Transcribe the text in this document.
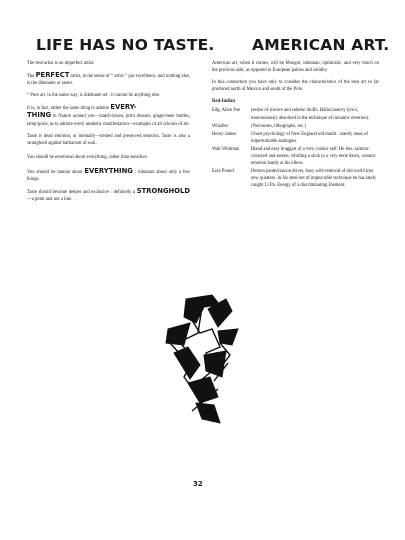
LIFE HAS NO TASTE.

The best artist is an imperfect artist.

The PERFECT artist, in the sense of “ artist ” par excellence, and nothing else, is the dilettante or taster.

“ Pure art, in the same way, is dilettante art : it cannot be anything else.

It is, in fact, rather the same thing to admire EVERY-
THING in Nature around you—match-boxes, print dresses, ginger-beer bottles, lamp-posts, as to admire every aesthetic manifestation—examples of all schools of art.

Taste is dead emotion, or mentally—treated and preserved emotion. Taste is also a stronghold against barbarism of soul.

You should be emotional about everything, rather than sensitive.

You should be human about EVERYTHING : inhuman about only a few things.

Taste should become deeper and exclusive : definitely a STRONGHOLD —a point and not a line.

AMERICAN ART.

American art, when it comes, will be Mongol, inhuman, optimistic, and very much on the precious side, as opposed to European pathos and solidity.

In this connection you have only to consider the characteristics of the best art so far produced north of Mexico and south of the Pole.

Red-Indian
Edg. Allen Poe	(series of sincere and solemn bluffs. Hallucinatory lyrics, monotonously absorbed in the technique of romantic emotion).
Whistler	(Nocturnes, lithographs, etc.)
Henry James	Ghost psychology of New England old maids : stately mass of imperturbable analogies.
Walt Whitman	Bland and easy braggart of a very cosmic self. He lies, salmon-coloured and serene, whirling a stick in a very eerie dawn, oceanic emotion handy at his elbow.
Ezra Pound	Demon pantechnicon driver, busy with removal of old world into new quarters. In his steel net of impeccable technique he has lately caught Li Po. Energy of a discriminating Element.
32
